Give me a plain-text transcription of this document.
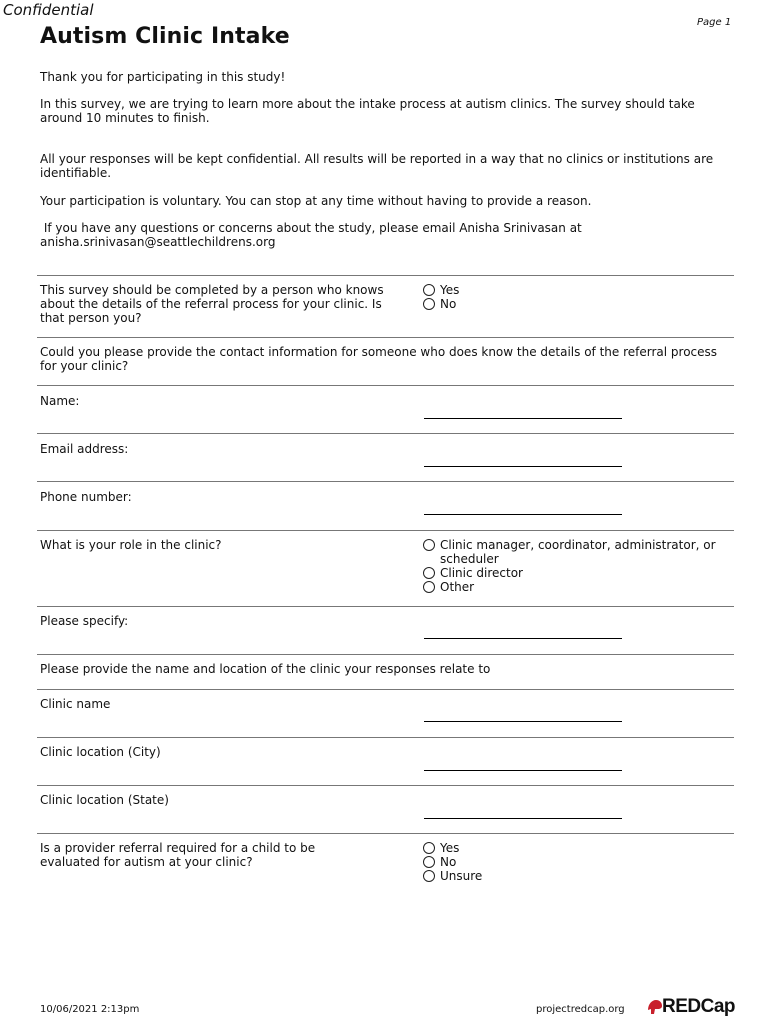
Confidential
Page 1
Autism Clinic Intake
Thank you for participating in this study!
In this survey, we are trying to learn more about the intake process at autism clinics. The survey should take around 10 minutes to finish.
All your responses will be kept confidential. All results will be reported in a way that no clinics or institutions are identifiable.
Your participation is voluntary. You can stop at any time without having to provide a reason.
If you have any questions or concerns about the study, please email Anisha Srinivasan at anisha.srinivasan@seattlechildrens.org
This survey should be completed by a person who knows about the details of the referral process for your clinic. Is that person you?
Yes
No
Could you please provide the contact information for someone who does know the details of the referral process for your clinic?
Name:
Email address:
Phone number:
What is your role in the clinic?	Clinic manager, coordinator, administrator, or scheduler
Clinic director
Other
Please specify:
Please provide the name and location of the clinic your responses relate to
Clinic name
Clinic location (City)
Clinic location (State)
Is a provider referral required for a child to be evaluated for autism at your clinic?
Yes
No
Unsure
10/06/2021 2:13pm	projectredcap.org REDCap
